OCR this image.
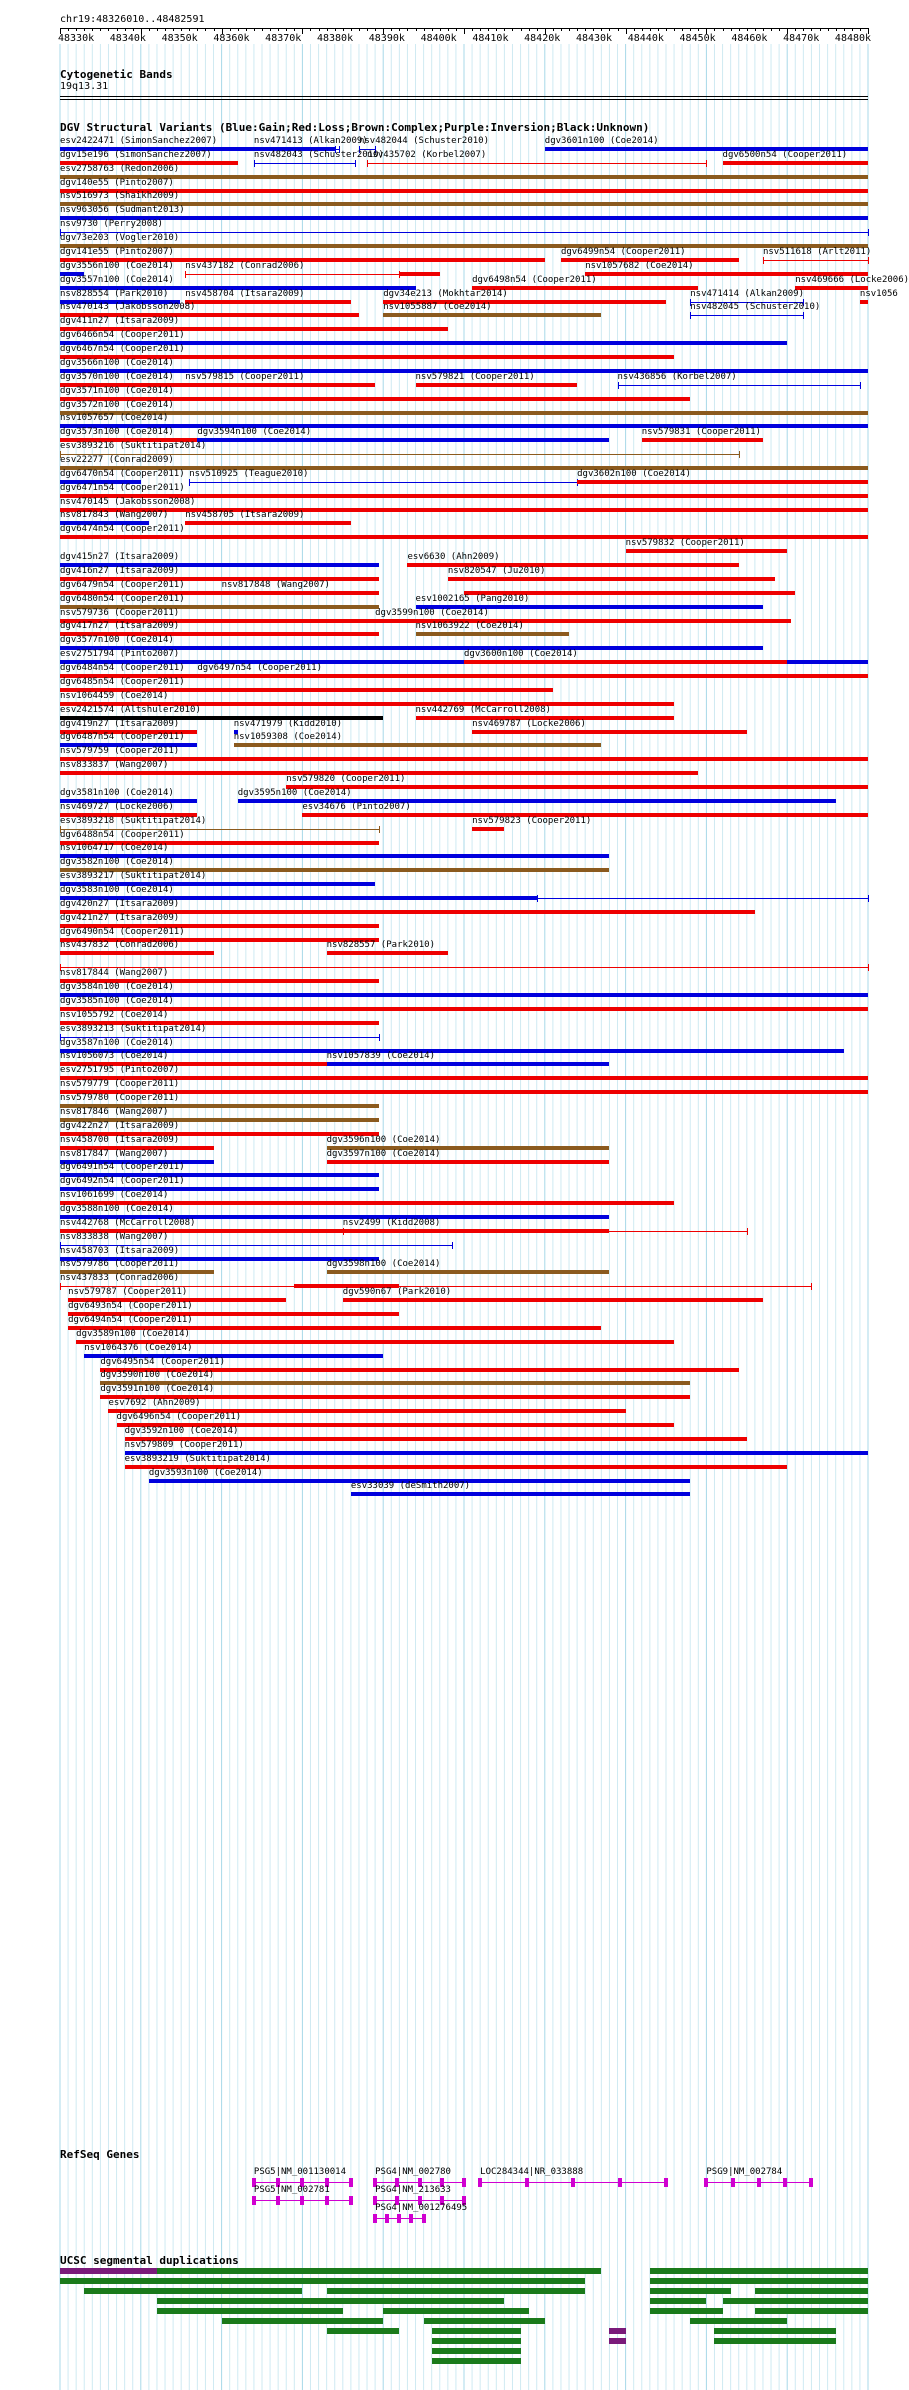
chr19:48326010..48482591
48330k 48340k 48350k 48360k 48370k 48380k 48390k 48400k 48410k 48420k 48430k 48440k 48450k 48460k 48470k 48480k
Cytogenetic Bands
19q13.31
DGV Structural Variants (Blue:Gain;Red:Loss;Brown:Complex;Purple:Inversion;Black:Unknown)
esv2422471 (SimonSanchez2007)	nsv471413 (Alkan2009)
nsv482044 (Schuster2010)	dgv3601n100 (Coe2014)
dgv15e196 (SimonSanchez2007)	nsv482043 (Schuster2010)
nsv435702 (Korbel2007)	dgv6500n54 (Cooper2011)
esv2758763 (Redon2006)
dgv140e55 (Pinto2007)
nsv516973 (Shaikh2009)
nsv963056 (Sudmant2013)
nsv9730 (Perry2008)
dgv73e203 (Vogler2010)
dgv141e55 (Pinto2007)	dgv6499n54 (Cooper2011)	nsv511618 (Arlt2011)
dgv3556n100 (Coe2014) nsv437182 (Conrad2006)	nsv1057682 (Coe2014)
dgv3557n100 (Coe2014)	dgv6498n54 (Cooper2011)	nsv469666 (Locke2006)
nsv828554 (Park2010) nsv458704 (Itsara2009)	dgv34e213 (Mokhtar2014)	nsv471414 (Alkan2009)	nsv1056
nsv470143 (Jakobsson2008)	nsv1055887 (Coe2014)	nsv482045 (Schuster2010)
dgv411n27 (Itsara2009)
dgv6466n54 (Cooper2011)
dgv6467n54 (Cooper2011)
dgv3566n100 (Coe2014)
dgv3570n100 (Coe2014) nsv579815 (Cooper2011)	nsv579821 (Cooper2011)	nsv436856 (Korbel2007)
dgv3571n100 (Coe2014)
dgv3572n100 (Coe2014)
nsv1057657 (Coe2014)
dgv3573n100 (Coe2014)	dgv3594n100 (Coe2014)	nsv579831 (Cooper2011)
esv3893216 (Suktitipat2014)
esv22277 (Conrad2009)
dgv6470n54 (Cooper2011) nsv510925 (Teague2010)	dgv3602n100 (Coe2014)
dgv6471n54 (Cooper2011)
nsv470145 (Jakobsson2008)
nsv817843 (Wang2007) nsv458705 (Itsara2009)
dgv6474n54 (Cooper2011)
nsv579832 (Cooper2011)
dgv415n27 (Itsara2009)	esv6630 (Ahn2009)
dgv416n27 (Itsara2009)	nsv820547 (Ju2010)
dgv6479n54 (Cooper2011)	nsv817848 (Wang2007)
dgv6480n54 (Cooper2011)	esv1002165 (Pang2010)
nsv579736 (Cooper2011)	dgv3599n100 (Coe2014)
dgv417n27 (Itsara2009)	nsv1063922 (Coe2014)
dgv3577n100 (Coe2014)
esv2751794 (Pinto2007)	dgv3600n100 (Coe2014)
dgv6484n54 (Cooper2011) dgv6497n54 (Cooper2011)
dgv6485n54 (Cooper2011)
nsv1064459 (Coe2014)
esv2421574 (Altshuler2010)	nsv442769 (McCarroll2008)
dgv419n27 (Itsara2009)	nsv471979 (Kidd2010)	nsv469787 (Locke2006)
dgv6487n54 (Cooper2011)	nsv1059308 (Coe2014)
nsv579759 (Cooper2011)
nsv833837 (Wang2007)
nsv579820 (Cooper2011)
dgv3581n100 (Coe2014)	dgv3595n100 (Coe2014)
nsv469727 (Locke2006)	esv34676 (Pinto2007)
esv3893218 (Suktitipat2014)	nsv579823 (Cooper2011)
dgv6488n54 (Cooper2011)
nsv1064717 (Coe2014)
dgv3582n100 (Coe2014)
esv3893217 (Suktitipat2014)
dgv3583n100 (Coe2014)
dgv420n27 (Itsara2009)
dgv421n27 (Itsara2009)
dgv6490n54 (Cooper2011)
nsv437832 (Conrad2006)	nsv828557 (Park2010)
nsv817844 (Wang2007)
dgv3584n100 (Coe2014)
dgv3585n100 (Coe2014)
nsv1055792 (Coe2014)
esv3893213 (Suktitipat2014)
dgv3587n100 (Coe2014)
nsv1056073 (Coe2014)	nsv1057839 (Coe2014)
esv2751795 (Pinto2007)
nsv579779 (Cooper2011)
nsv579780 (Cooper2011)
nsv817846 (Wang2007)
dgv422n27 (Itsara2009)
nsv458700 (Itsara2009)	dgv3596n100 (Coe2014)
nsv817847 (Wang2007)	dgv3597n100 (Coe2014)
dgv6491n54 (Cooper2011)
dgv6492n54 (Cooper2011)
nsv1061699 (Coe2014)
dgv3588n100 (Coe2014)
nsv442768 (McCarroll2008)	nsv2499 (Kidd2008)
nsv833838 (Wang2007)
nsv458703 (Itsara2009)
nsv579786 (Cooper2011)	dgv3598n100 (Coe2014)
nsv437833 (Conrad2006)
nsv579787 (Cooper2011)	dgv590n67 (Park2010)
dgv6493n54 (Cooper2011)
dgv6494n54 (Cooper2011)
dgv3589n100 (Coe2014)
nsv1064376 (Coe2014)
dgv6495n54 (Cooper2011)
dgv3590n100 (Coe2014)
dgv3591n100 (Coe2014)
esv7692 (Ahn2009)
dgv6496n54 (Cooper2011)
dgv3592n100 (Coe2014)
nsv579809 (Cooper2011)
esv3893219 (Suktitipat2014)
dgv3593n100 (Coe2014)
esv33039 (deSmith2007)
RefSeq Genes
PSG5|NM_001130014	PSG4|NM_002780	LOC284344|NR_033888	PSG9|NM_002784
PSG5|NM_002781	PSG4|NM_213633
PSG4|NM_001276495
UCSC segmental duplications
